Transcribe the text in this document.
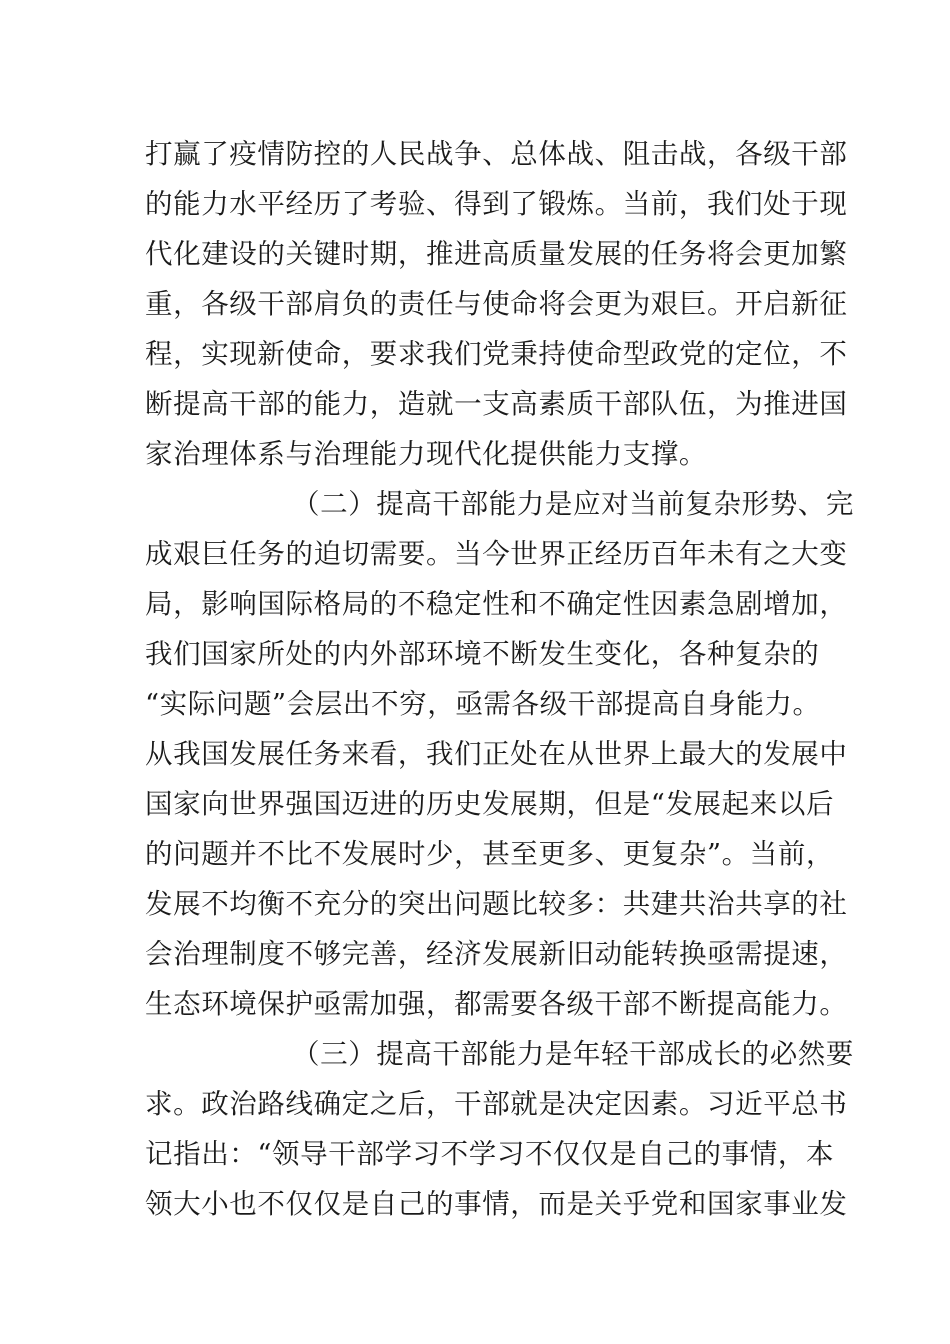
打赢了疫情防控的人民战争、总体战、阻击战，各级干部
的能力水平经历了考验、得到了锻炼。当前，我们处于现
代化建设的关键时期，推进高质量发展的任务将会更加繁
重，各级干部肩负的责任与使命将会更为艰巨。开启新征
程，实现新使命，要求我们党秉持使命型政党的定位，不
断提高干部的能力，造就一支高素质干部队伍，为推进国
家治理体系与治理能力现代化提供能力支撑。
（二）提高干部能力是应对当前复杂形势、完
成艰巨任务的迫切需要。当今世界正经历百年未有之大变
局，影响国际格局的不稳定性和不确定性因素急剧增加，
我们国家所处的内外部环境不断发生变化，各种复杂的
“实际问题”会层出不穷，亟需各级干部提高自身能力。
从我国发展任务来看，我们正处在从世界上最大的发展中
国家向世界强国迈进的历史发展期，但是“发展起来以后
的问题并不比不发展时少，甚至更多、更复杂”。当前，
发展不均衡不充分的突出问题比较多：共建共治共享的社
会治理制度不够完善，经济发展新旧动能转换亟需提速，
生态环境保护亟需加强，都需要各级干部不断提高能力。
（三）提高干部能力是年轻干部成长的必然要
求。政治路线确定之后，干部就是决定因素。习近平总书
记指出：“领导干部学习不学习不仅仅是自己的事情，本
领大小也不仅仅是自己的事情，而是关乎党和国家事业发
